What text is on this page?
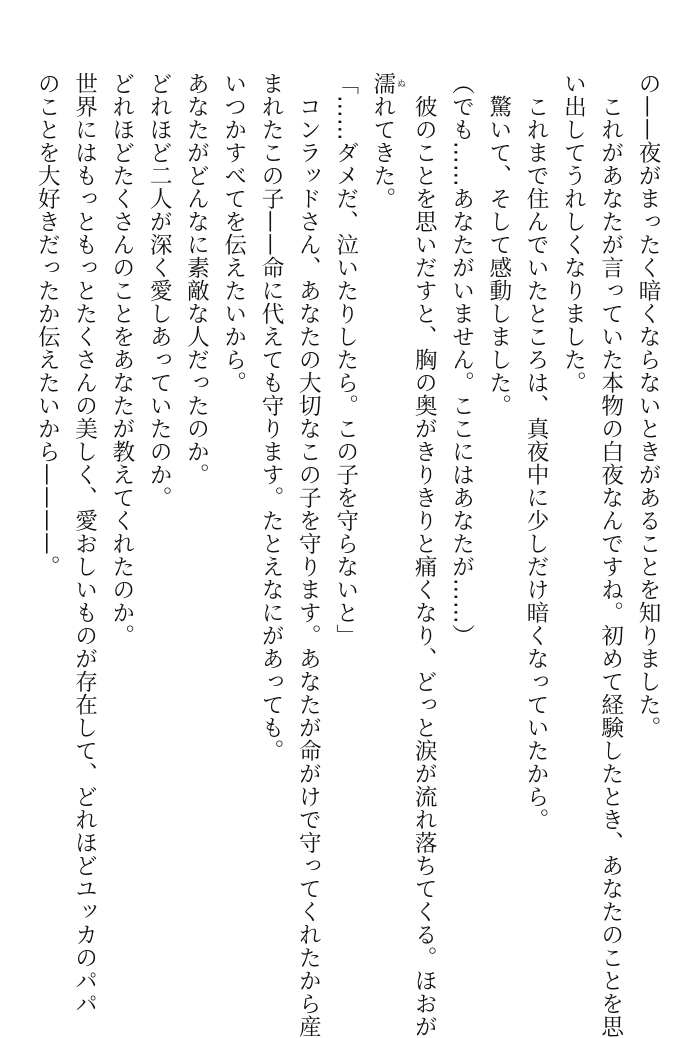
の——夜がまったく暗くならないときがあることを知りました。
これがあなたが言っていた本物の白夜なんですね。初めて経験したとき、あなたのことを思
い出してうれしくなりました。
これまで住んでいたところは、真夜中に少しだけ暗くなっていたから。
驚いて、そして感動しました。
（でも……あなたがいません。ここにはあなたが……）
彼のことを思いだすと、胸の奥がきりきりと痛くなり、どっと涙が流れ落ちてくる。ほおが
濡 ぬれてきた。
「……ダメだ、泣いたりしたら。この子を守らないと」
コンラッドさん、あなたの大切なこの子を守ります。あなたが命がけで守ってくれたから産
まれたこの子——命に代えても守ります。たとえなにがあっても。
いつかすべてを伝えたいから。
あなたがどんなに素敵な人だったのか。
どれほど二人が深く愛しあっていたのか。
どれほどたくさんのことをあなたが教えてくれたのか。
世界にはもっともっとたくさんの美しく、愛おしいものが存在して、どれほどユッカのパパ
のことを大好きだったか伝えたいから————。
